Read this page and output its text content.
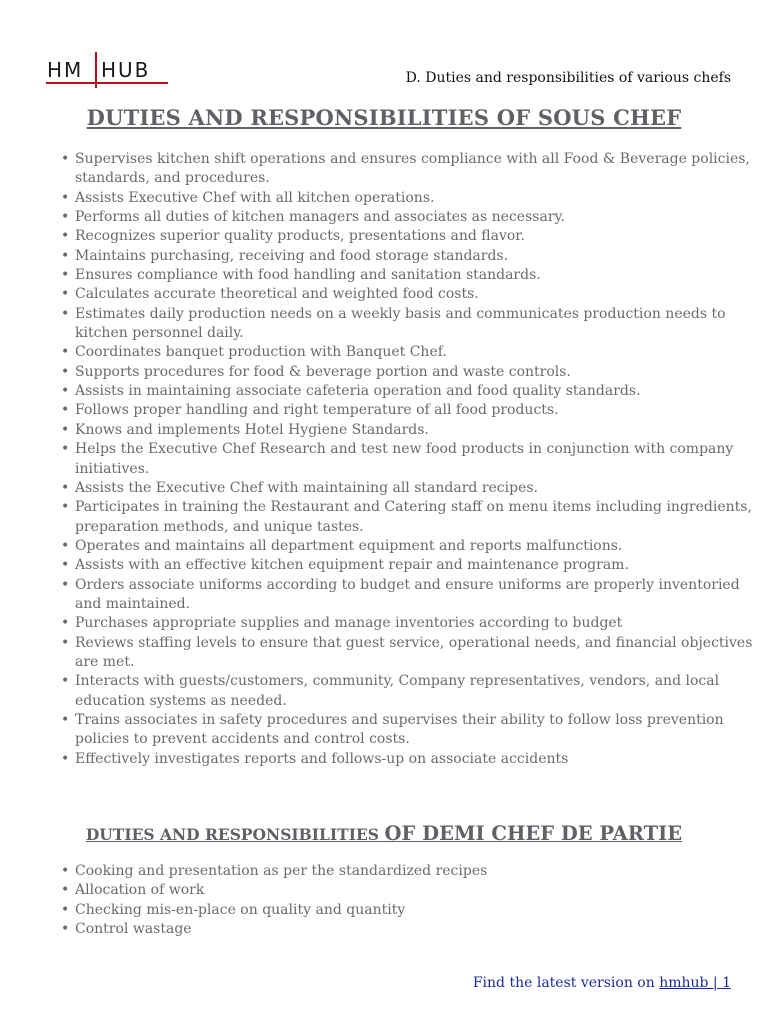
HM HUB	D. Duties and responsibilities of various chefs
DUTIES AND RESPONSIBILITIES OF SOUS CHEF
• Supervises kitchen shift operations and ensures compliance with all Food & Beverage policies, standards, and procedures.
• Assists Executive Chef with all kitchen operations.
• Performs all duties of kitchen managers and associates as necessary.
• Recognizes superior quality products, presentations and flavor.
• Maintains purchasing, receiving and food storage standards.
• Ensures compliance with food handling and sanitation standards.
• Calculates accurate theoretical and weighted food costs.
• Estimates daily production needs on a weekly basis and communicates production needs to kitchen personnel daily.
• Coordinates banquet production with Banquet Chef.
• Supports procedures for food & beverage portion and waste controls.
• Assists in maintaining associate cafeteria operation and food quality standards.
• Follows proper handling and right temperature of all food products.
• Knows and implements Hotel Hygiene Standards.
• Helps the Executive Chef Research and test new food products in conjunction with company initiatives.
• Assists the Executive Chef with maintaining all standard recipes.
• Participates in training the Restaurant and Catering staff on menu items including ingredients, preparation methods, and unique tastes.
• Operates and maintains all department equipment and reports malfunctions.
• Assists with an effective kitchen equipment repair and maintenance program.
• Orders associate uniforms according to budget and ensure uniforms are properly inventoried and maintained.
• Purchases appropriate supplies and manage inventories according to budget
• Reviews staffing levels to ensure that guest service, operational needs, and financial objectives are met.
• Interacts with guests/customers, community, Company representatives, vendors, and local education systems as needed.
• Trains associates in safety procedures and supervises their ability to follow loss prevention policies to prevent accidents and control costs.
• Effectively investigates reports and follows-up on associate accidents
DUTIES AND RESPONSIBILITIES OF DEMI CHEF DE PARTIE
• Cooking and presentation as per the standardized recipes
• Allocation of work
• Checking mis-en-place on quality and quantity
• Control wastage
Find the latest version on hmhub | 1
